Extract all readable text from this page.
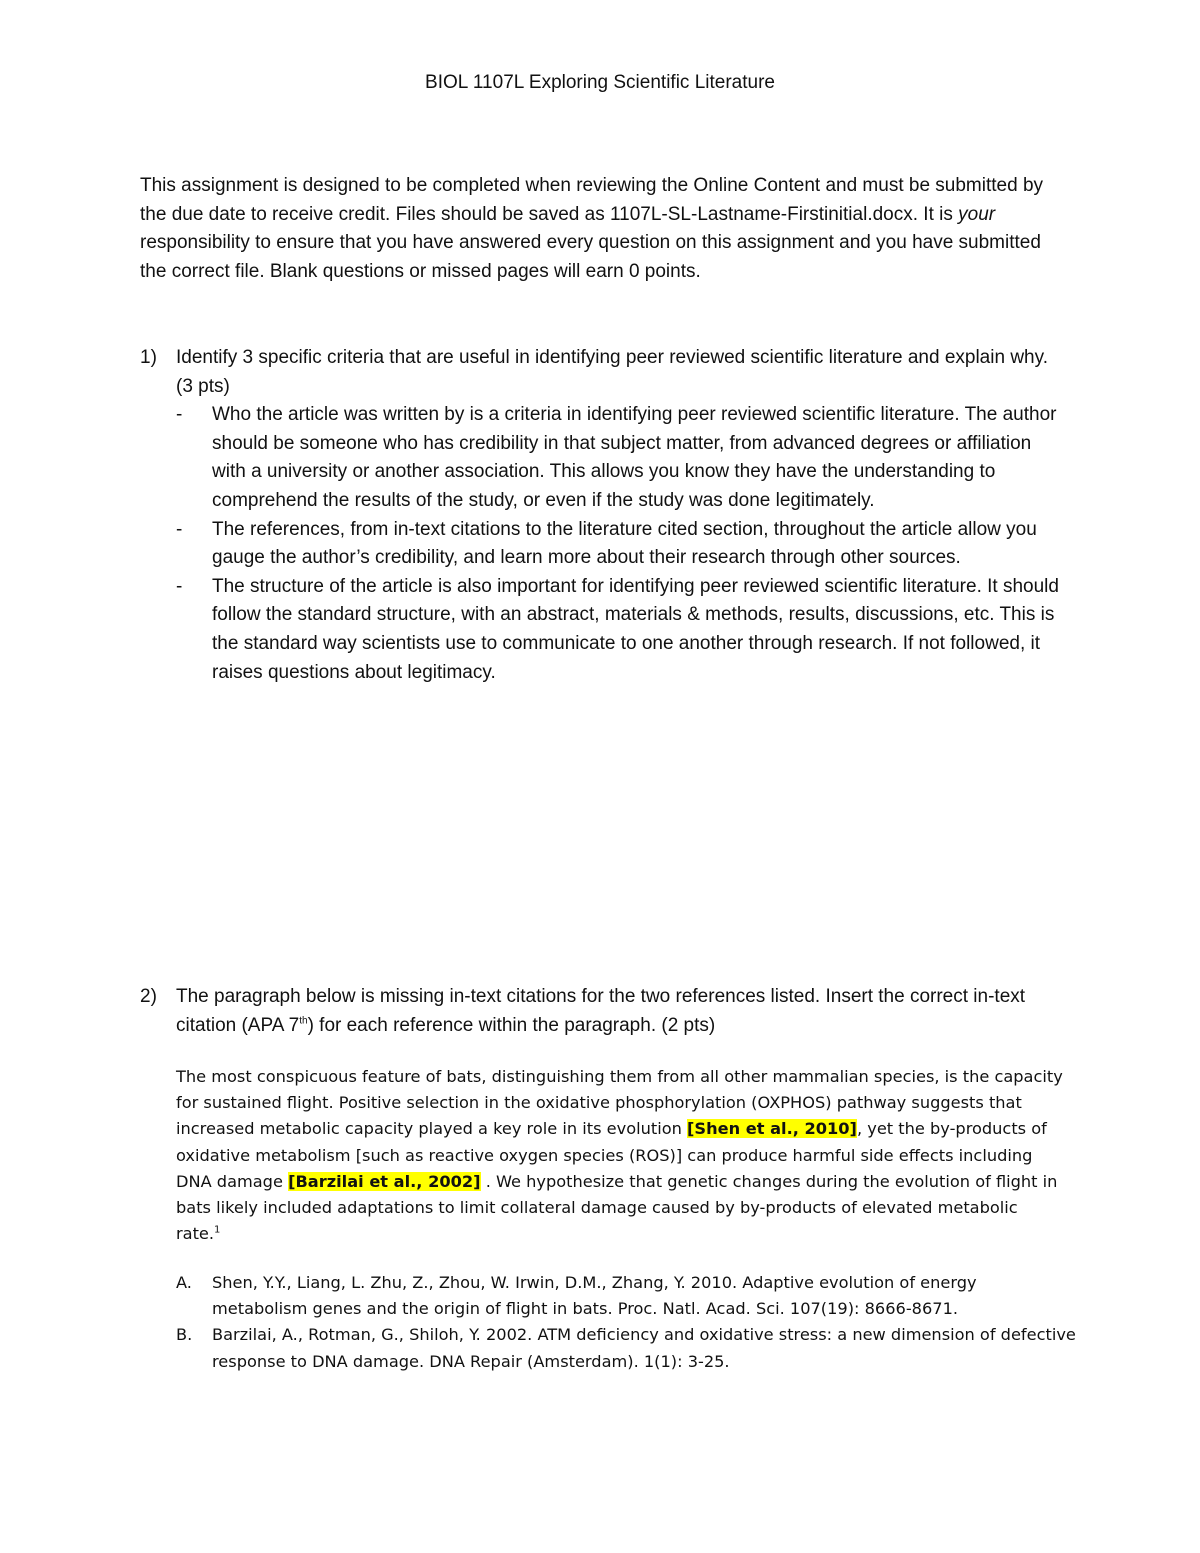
BIOL 1107L Exploring Scientific Literature

This assignment is designed to be completed when reviewing the Online Content and must be submitted by the due date to receive credit. Files should be saved as 1107L-SL-Lastname-Firstinitial.docx. It is your responsibility to ensure that you have answered every question on this assignment and you have submitted the correct file. Blank questions or missed pages will earn 0 points.

1) Identify 3 specific criteria that are useful in identifying peer reviewed scientific literature and explain why. (3 pts)
- Who the article was written by is a criteria in identifying peer reviewed scientific literature. The author should be someone who has credibility in that subject matter, from advanced degrees or affiliation with a university or another association. This allows you know they have the understanding to comprehend the results of the study, or even if the study was done legitimately.
- The references, from in-text citations to the literature cited section, throughout the article allow you gauge the author’s credibility, and learn more about their research through other sources.
- The structure of the article is also important for identifying peer reviewed scientific literature. It should follow the standard structure, with an abstract, materials & methods, results, discussions, etc. This is the standard way scientists use to communicate to one another through research. If not followed, it raises questions about legitimacy.
2) The paragraph below is missing in-text citations for the two references listed. Insert the correct in-text citation (APA 7th) for each reference within the paragraph. (2 pts)

The most conspicuous feature of bats, distinguishing them from all other mammalian species, is the capacity for sustained flight. Positive selection in the oxidative phosphorylation (OXPHOS) pathway suggests that increased metabolic capacity played a key role in its evolution [Shen et al., 2010], yet the by-products of oxidative metabolism [such as reactive oxygen species (ROS)] can produce harmful side effects including DNA damage [Barzilai et al., 2002] . We hypothesize that genetic changes during the evolution of flight in bats likely included adaptations to limit collateral damage caused by by-products of elevated metabolic rate.$^1$

A. Shen, Y.Y., Liang, L. Zhu, Z., Zhou, W. Irwin, D.M., Zhang, Y. 2010. Adaptive evolution of energy metabolism genes and the origin of flight in bats. Proc. Natl. Acad. Sci. 107(19): 8666-8671.
B. Barzilai, A., Rotman, G., Shiloh, Y. 2002. ATM deficiency and oxidative stress: a new dimension of defective response to DNA damage. DNA Repair (Amsterdam). 1(1): 3-25.
